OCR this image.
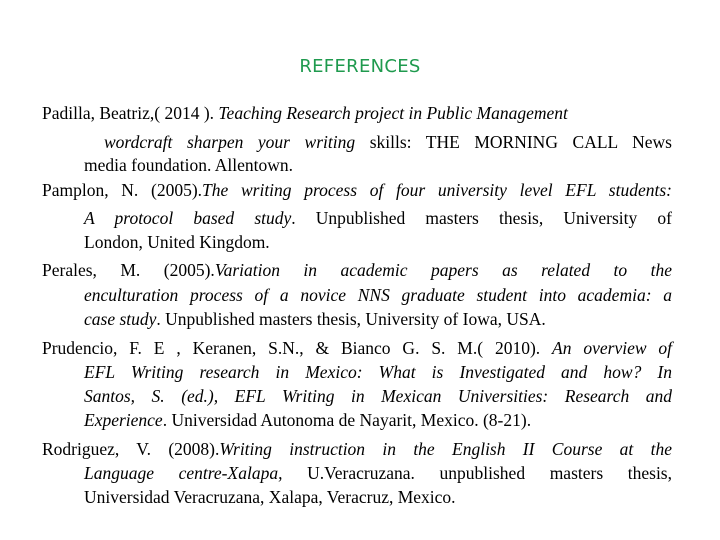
REFERENCES
Padilla, Beatriz,( 2014 ). Teaching Research project in Public Management
wordcraft sharpen your writing skills: THE MORNING CALL News
media foundation. Allentown.
Pamplon, N. (2005).The writing process of four university level EFL students:
A protocol based study. Unpublished masters thesis, University of
London, United Kingdom.
Perales, M. (2005).Variation in academic papers as related to the
enculturation process of a novice NNS graduate student into academia: a
case study. Unpublished masters thesis, University of Iowa, USA.
Prudencio, F. E , Keranen, S.N., & Bianco G. S. M.( 2010). An overview of
EFL Writing research in Mexico: What is Investigated and how? In
Santos, S. (ed.), EFL Writing in Mexican Universities: Research and
Experience. Universidad Autonoma de Nayarit, Mexico. (8-21).
Rodriguez, V. (2008).Writing instruction in the English II Course at the
Language centre-Xalapa, U.Veracruzana. unpublished masters thesis,
Universidad Veracruzana, Xalapa, Veracruz, Mexico.
